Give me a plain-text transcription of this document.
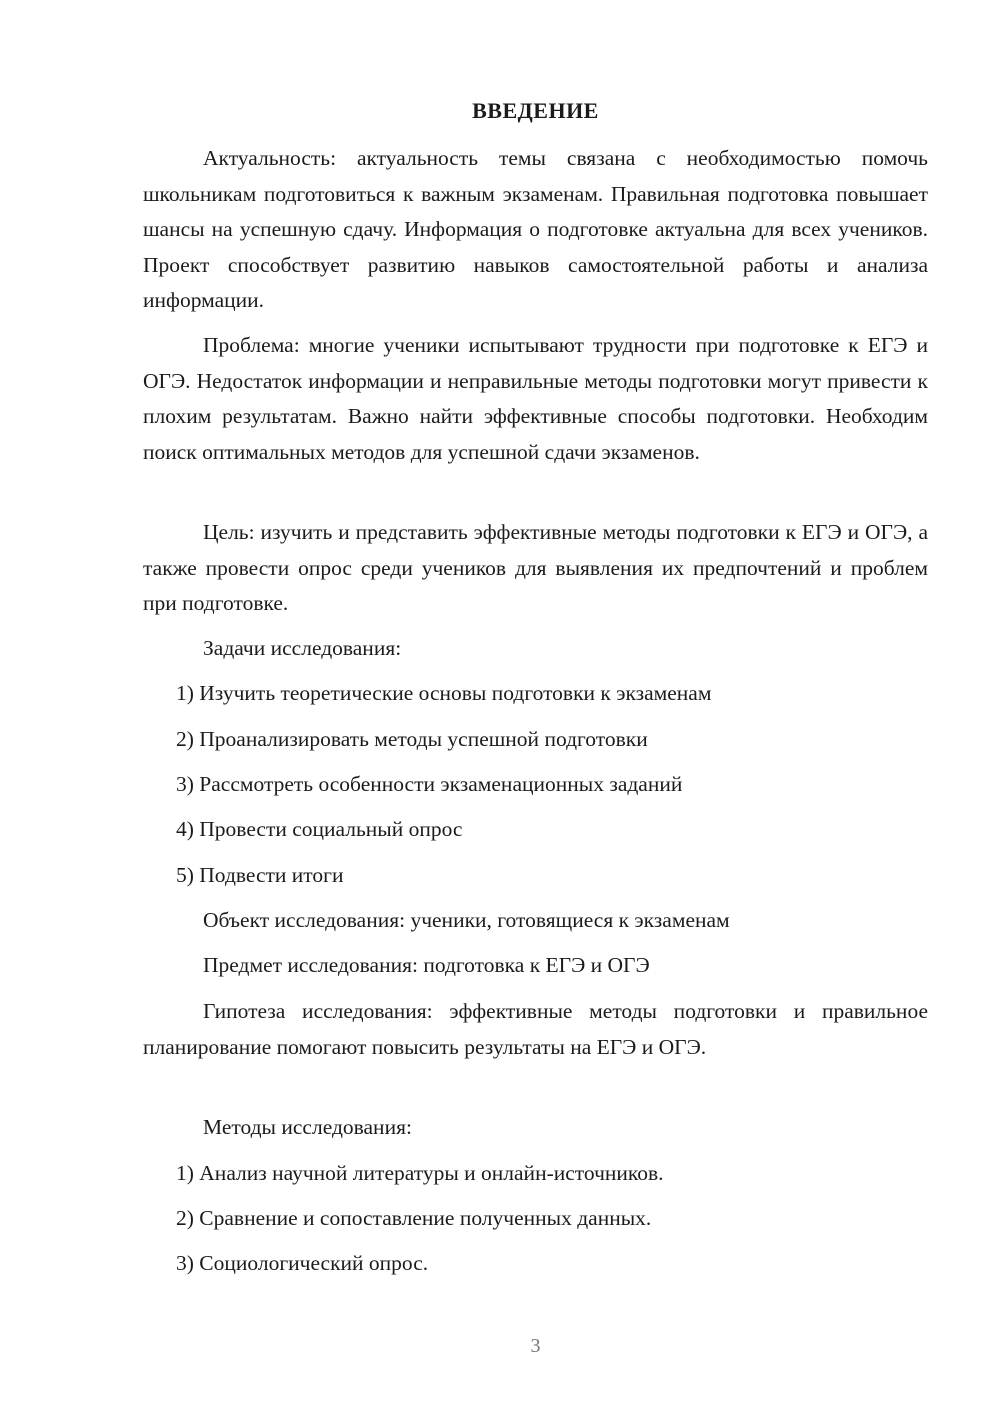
ВВЕДЕНИЕ

Актуальность: актуальность темы связана с необходимостью помочь школьникам подготовиться к важным экзаменам. Правильная подготовка повышает шансы на успешную сдачу. Информация о подготовке актуальна для всех учеников. Проект способствует развитию навыков самостоятельной работы и анализа информации.

Проблема: многие ученики испытывают трудности при подготовке к ЕГЭ и ОГЭ. Недостаток информации и неправильные методы подготовки могут привести к плохим результатам. Важно найти эффективные способы подготовки. Необходим поиск оптимальных методов для успешной сдачи экзаменов.

Цель: изучить и представить эффективные методы подготовки к ЕГЭ и ОГЭ, а также провести опрос среди учеников для выявления их предпочтений и проблем при подготовке.

Задачи исследования:

1) Изучить теоретические основы подготовки к экзаменам

2) Проанализировать методы успешной подготовки

3) Рассмотреть особенности экзаменационных заданий

4) Провести социальный опрос

5) Подвести итоги

Объект исследования: ученики, готовящиеся к экзаменам

Предмет исследования: подготовка к ЕГЭ и ОГЭ

Гипотеза исследования: эффективные методы подготовки и правильное планирование помогают повысить результаты на ЕГЭ и ОГЭ.

Методы исследования:

1) Анализ научной литературы и онлайн-источников.

2) Сравнение и сопоставление полученных данных.

3) Социологический опрос.

3
